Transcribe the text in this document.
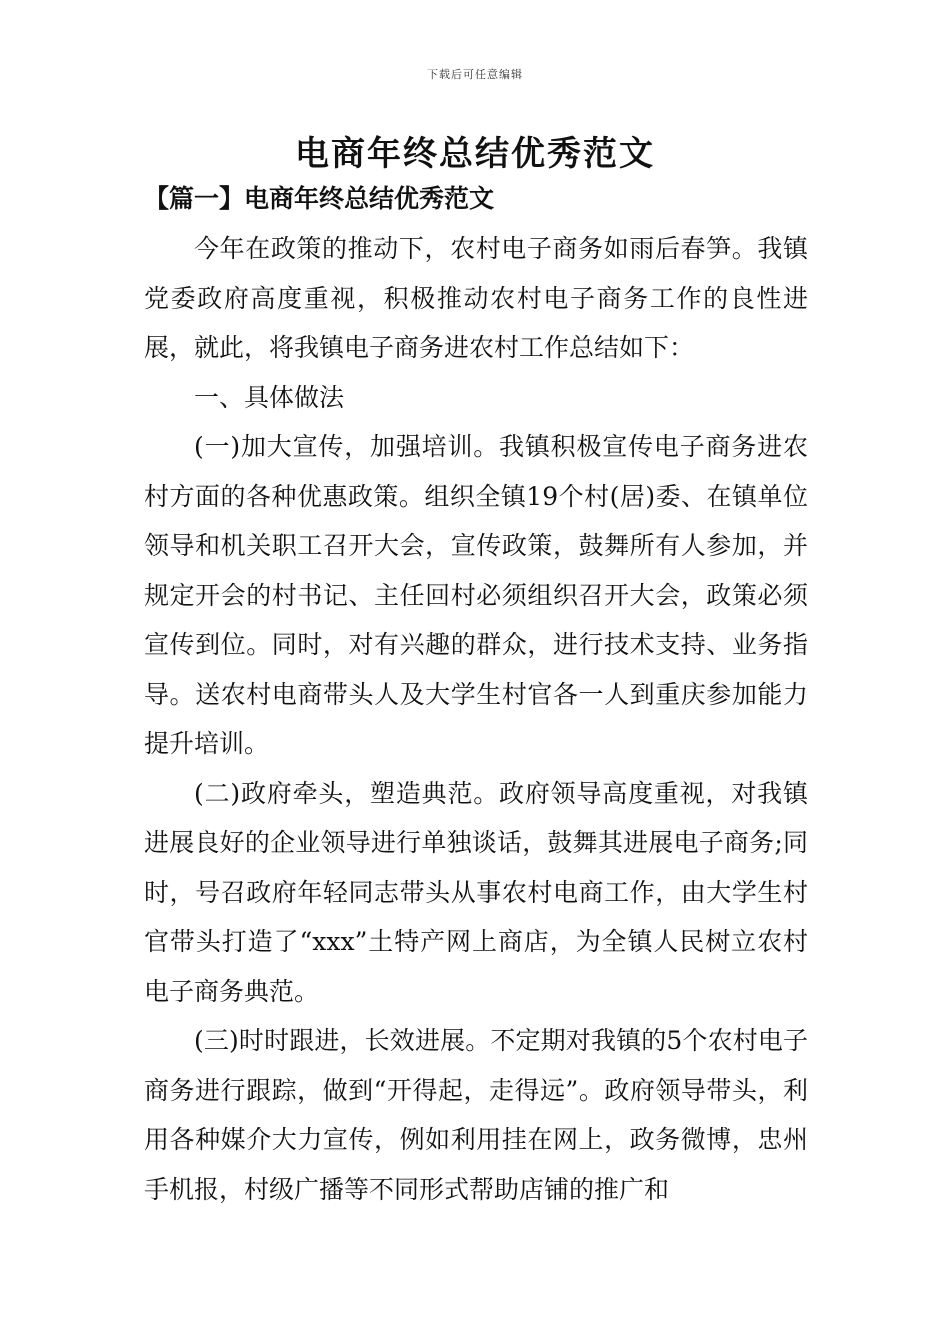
下载后可任意编辑
电商年终总结优秀范文
【篇一】电商年终总结优秀范文

今年在政策的推动下，农村电子商务如雨后春笋。我镇党委政府高度重视，积极推动农村电子商务工作的良性进展，就此，将我镇电子商务进农村工作总结如下：

一、具体做法

(一)加大宣传，加强培训。我镇积极宣传电子商务进农村方面的各种优惠政策。组织全镇19个村(居)委、在镇单位领导和机关职工召开大会，宣传政策，鼓舞所有人参加，并规定开会的村书记、主任回村必须组织召开大会，政策必须宣传到位。同时，对有兴趣的群众，进行技术支持、业务指导。送农村电商带头人及大学生村官各一人到重庆参加能力提升培训。

(二)政府牵头，塑造典范。政府领导高度重视，对我镇进展良好的企业领导进行单独谈话，鼓舞其进展电子商务;同时，号召政府年轻同志带头从事农村电商工作，由大学生村官带头打造了“xxx”土特产网上商店，为全镇人民树立农村电子商务典范。

(三)时时跟进，长效进展。不定期对我镇的5个农村电子商务进行跟踪，做到“开得起，走得远”。政府领导带头，利用各种媒介大力宣传，例如利用挂在网上，政务微博，忠州手机报，村级广播等不同形式帮助店铺的推广和
